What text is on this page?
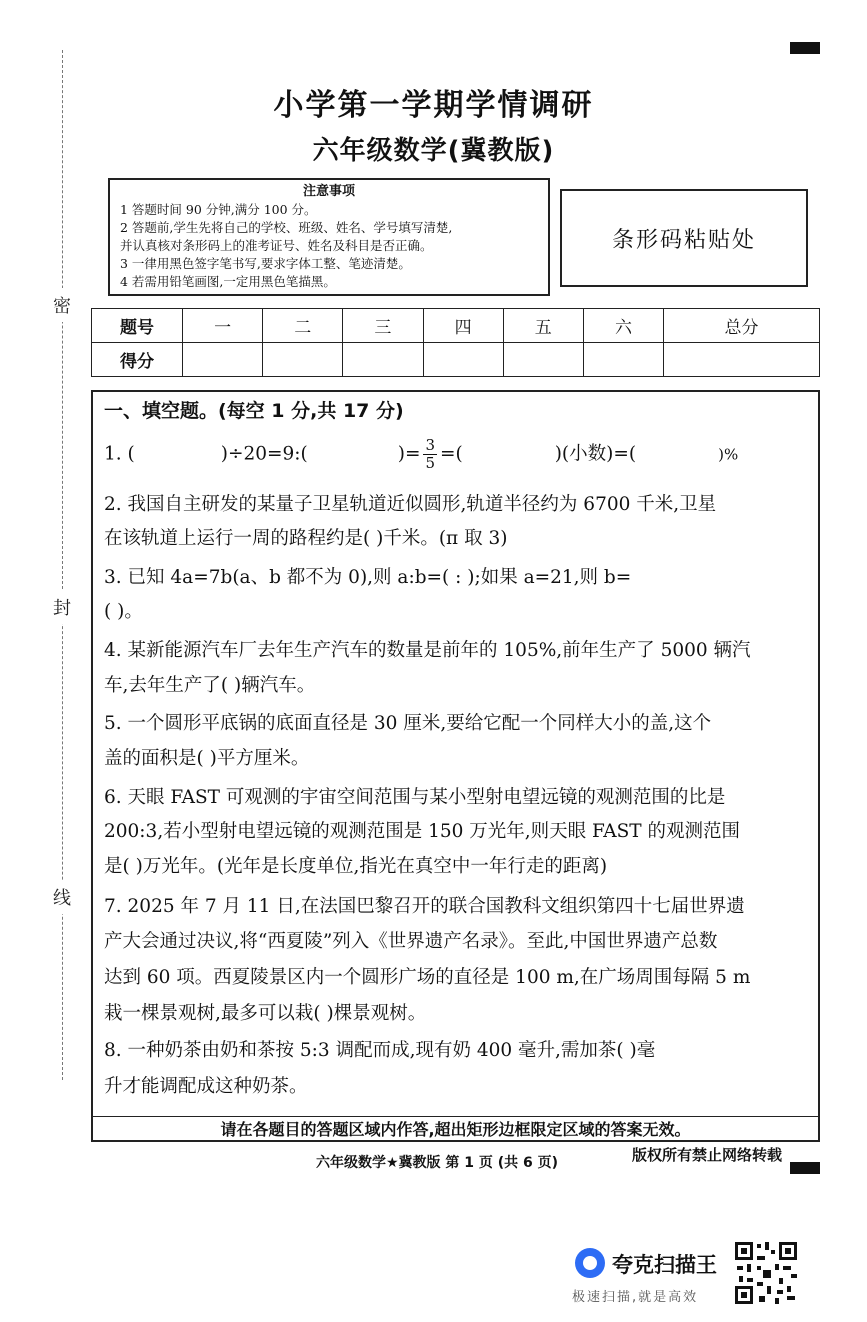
密
封
线
小学第一学期学情调研
六年级数学(冀教版)
注意事项
1 答题时间 90 分钟,满分 100 分。
2 答题前,学生先将自己的学校、班级、姓名、学号填写清楚,
并认真核对条形码上的准考证号、姓名及科目是否正确。
3 一律用黑色签字笔书写,要求字体工整、笔迹清楚。
4 若需用铅笔画图,一定用黑色笔描黑。
条形码粘贴处
题号	一	二	三	四	五	六	总分
得分							
一、填空题。(每空 1 分,共 17 分)
1. (	)÷20=9:(	)= $\frac{3}{5}$ =(	)(小数)=(	)%
2. 我国自主研发的某量子卫星轨道近似圆形,轨道半径约为 6700 千米,卫星
在该轨道上运行一周的路程约是( )千米。(π 取 3)
3. 已知 4a=7b(a、b 都不为 0),则 a:b=( : );如果 a=21,则 b=
( )。
4. 某新能源汽车厂去年生产汽车的数量是前年的 105%,前年生产了 5000 辆汽
车,去年生产了( )辆汽车。
5. 一个圆形平底锅的底面直径是 30 厘米,要给它配一个同样大小的盖,这个
盖的面积是( )平方厘米。
6. 天眼 FAST 可观测的宇宙空间范围与某小型射电望远镜的观测范围的比是
200:3,若小型射电望远镜的观测范围是 150 万光年,则天眼 FAST 的观测范围
是( )万光年。(光年是长度单位,指光在真空中一年行走的距离)
7. 2025 年 7 月 11 日,在法国巴黎召开的联合国教科文组织第四十七届世界遗
产大会通过决议,将“西夏陵”列入《世界遗产名录》。至此,中国世界遗产总数
达到 60 项。西夏陵景区内一个圆形广场的直径是 100 m,在广场周围每隔 5 m
栽一棵景观树,最多可以栽( )棵景观树。
8. 一种奶茶由奶和茶按 5:3 调配而成,现有奶 400 毫升,需加茶( )毫
升才能调配成这种奶茶。
请在各题目的答题区域内作答,超出矩形边框限定区域的答案无效。
六年级数学★冀教版 第 1 页 (共 6 页)	版权所有禁止网络转载
夸克扫描王
极速扫描,就是高效
